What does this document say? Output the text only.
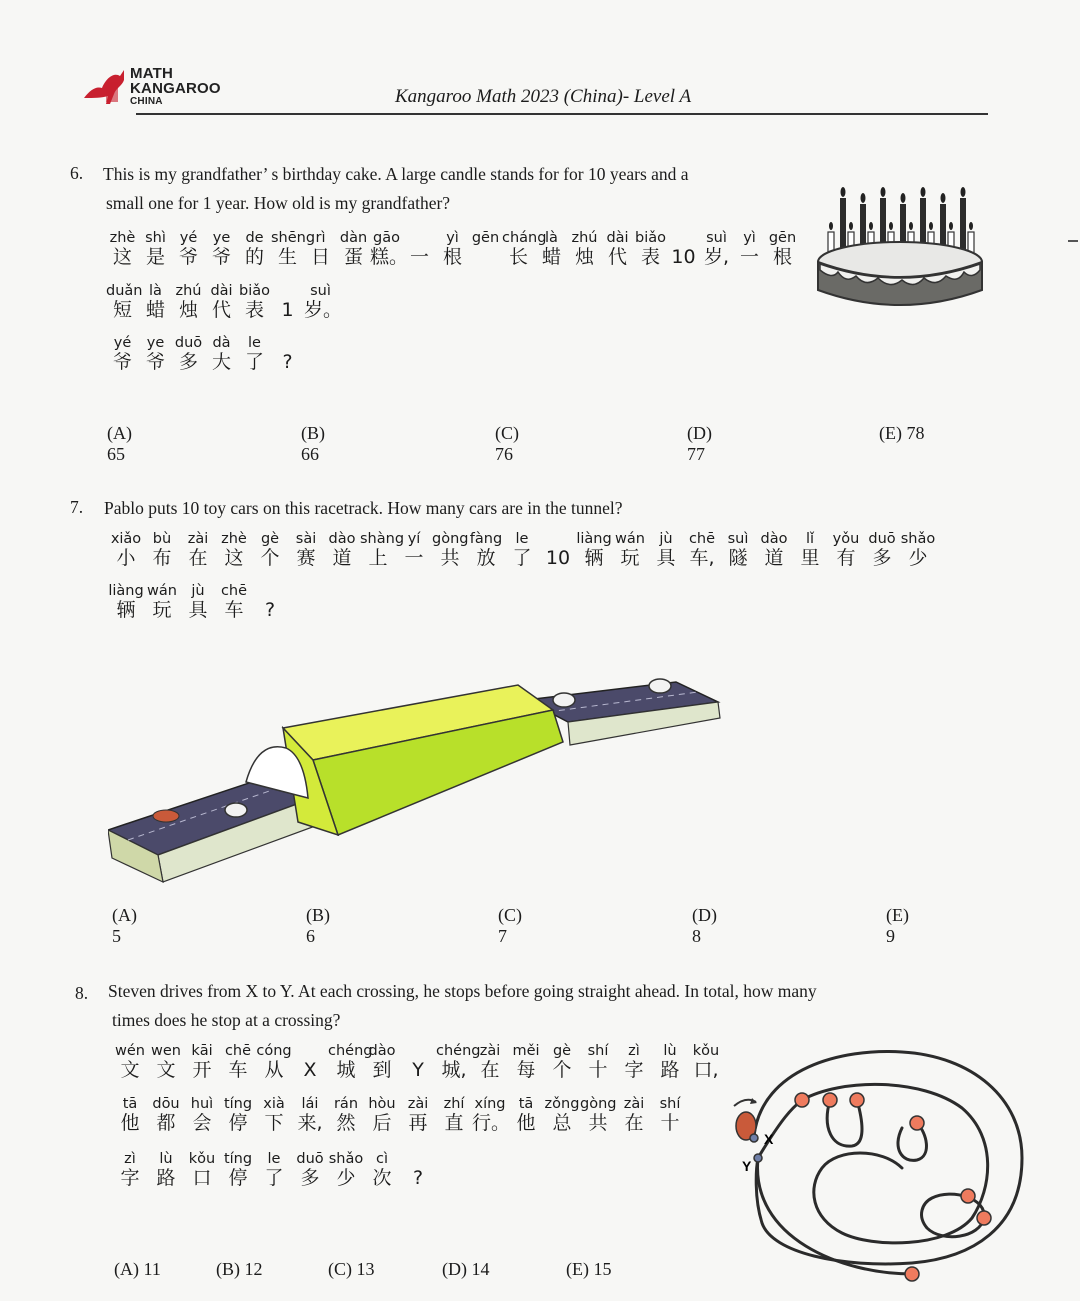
MATH
KANGAROO
CHINA	Kangaroo Math 2023 (China)- Level A
6. This is my grandfather’ s birthday cake. A large candle stands for for 10 years and a
small one for 1 year. How old is my grandfather?
zhè shì yé	ye	de shēng rì dàn gāo	yì gēn cháng
là zhú dài biǎo	suì	yì gēn
这 是 爷 爷 的 生 日 蛋 糕。 一 根	长 蜡 烛 代 表 10 岁, 一 根
duǎn là zhú dài biǎo	suì
短 蜡 烛 代 表 1 岁。
yé	ye duō dà	le
爷 爷 多 大 了 ?
(A) 65
(B) 66
(C) 76
(D) 77
(E) 78
7. Pablo puts 10 toy cars on this racetrack. How many cars are in the tunnel?
xiǎo bù	zài zhè gè	sài dào shàng yí gòng fàng le	liàng wán jù	chē suì dào	lǐ	yǒu duō shǎo
小 布 在 这 个 赛 道 上 一 共 放 了 10 辆 玩 具 车, 隧 道 里 有 多 少
liàng wán jù	chē
辆 玩 具 车	?
(A) 5
(B) 6
(C) 7
(D) 8
(E) 9
8. Steven drives from X to Y. At each crossing, he stops before going straight ahead. In total, how many
times does he stop at a crossing?
wén wen kāi chē cóng	chéng
dào	chéng zài měi gè	shí	zì	lù	kǒu
文 文 开 车 从	X	城 到	Y 城, 在 每 个 十 字 路 口,
tā	dōu huì tíng xià	lái	rán hòu zài	zhí xíng tā zǒng gòng zài	shí
他 都 会 停 下 来, 然 后 再 直 行。 他 总 共 在 十
zì	lù	kǒu tíng	le	duō shǎo cì
字 路 口 停 了 多 少 次	?
X
Y
(A) 11	(B) 12	(C) 13	(D) 14	(E) 15
